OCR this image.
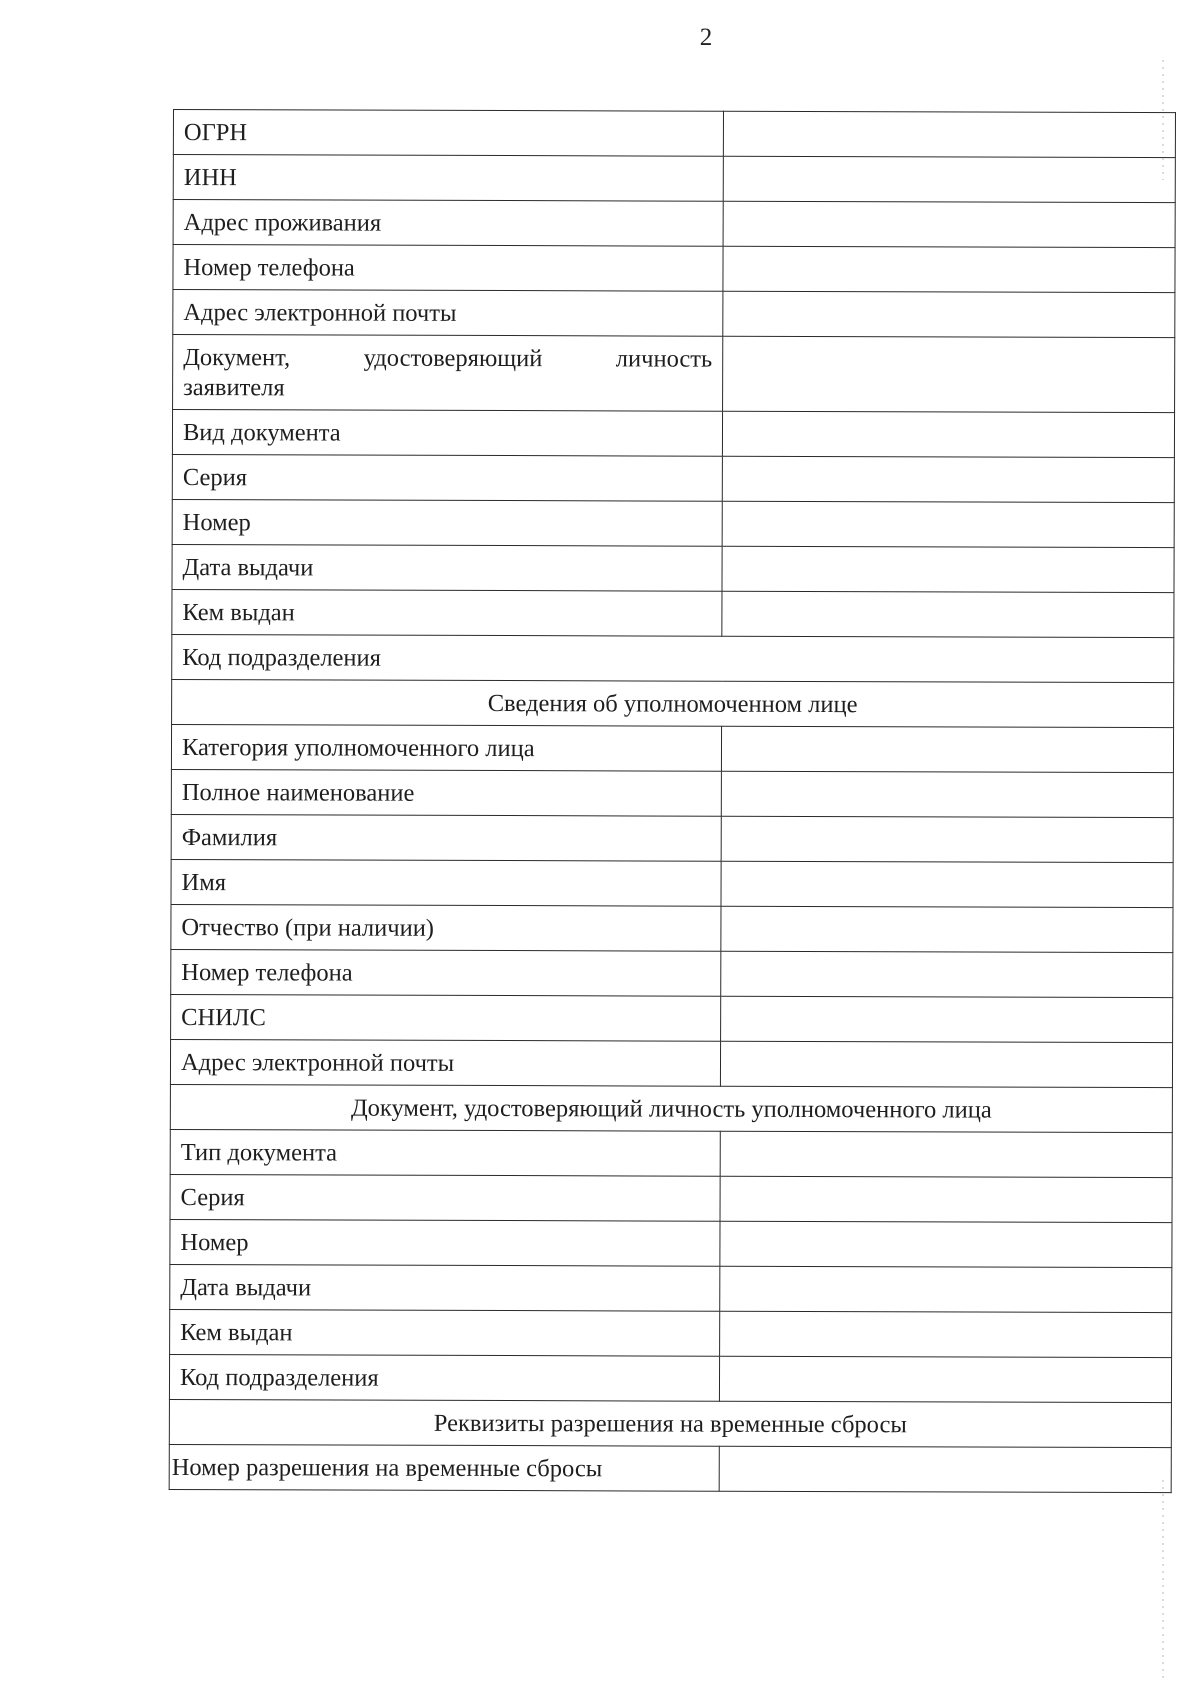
2
ОГРН	
ИНН	
Адрес проживания	
Номер телефона	
Адрес электронной почты	

Документ, удостоверяющий личность
заявителя	
Вид документа	
Серия	
Номер	
Дата выдачи	
Кем выдан	
Код подразделения	
Сведения об уполномоченном лице	
Категория уполномоченного лица	
Полное наименование	
Фамилия	
Имя	
Отчество (при наличии)	
Номер телефона	
СНИЛС	
Адрес электронной почты	
Документ, удостоверяющий личность уполномоченного лица	
Тип документа	
Серия	
Номер	
Дата выдачи	
Кем выдан	
Код подразделения	
Реквизиты разрешения на временные сбросы	
Номер разрешения на временные сбросы	
